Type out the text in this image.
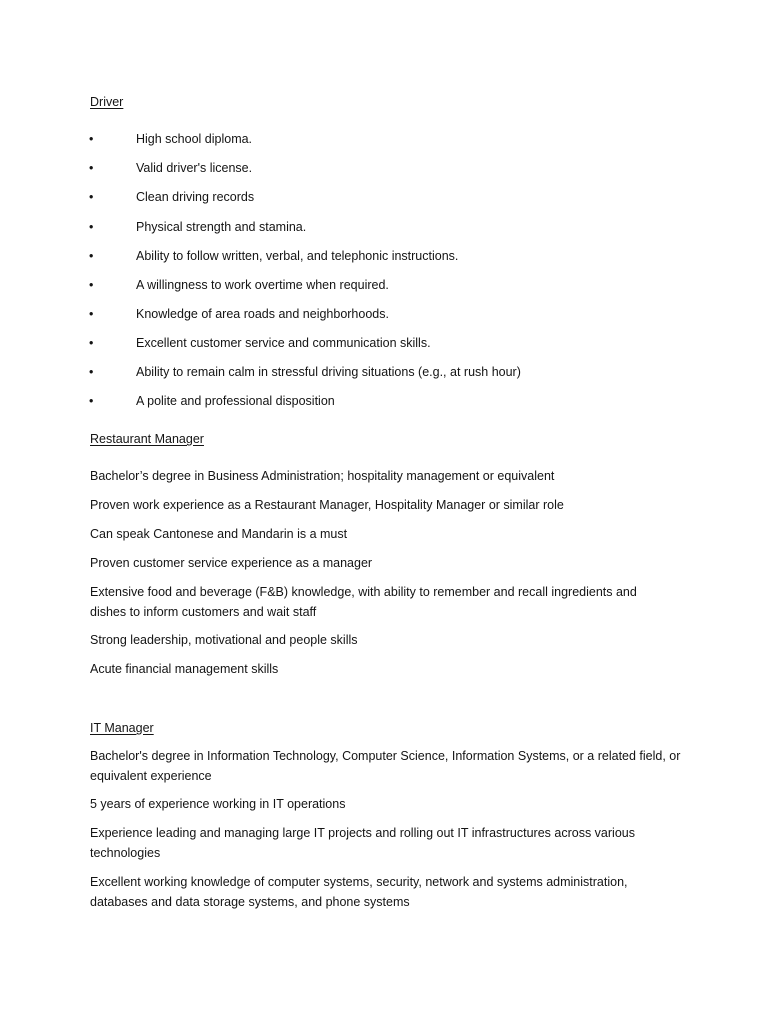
Driver
•	High school diploma.
•	Valid driver's license.
•	Clean driving records
•	Physical strength and stamina.
•	Ability to follow written, verbal, and telephonic instructions.
•	A willingness to work overtime when required.
•	Knowledge of area roads and neighborhoods.
•	Excellent customer service and communication skills.
•	Ability to remain calm in stressful driving situations (e.g., at rush hour)
•	A polite and professional disposition
Restaurant Manager
Bachelor’s degree in Business Administration; hospitality management or equivalent
Proven work experience as a Restaurant Manager, Hospitality Manager or similar role
Can speak Cantonese and Mandarin is a must
Proven customer service experience as a manager
Extensive food and beverage (F&B) knowledge, with ability to remember and recall ingredients and dishes to inform customers and wait staff
Strong leadership, motivational and people skills
Acute financial management skills
IT Manager
Bachelor's degree in Information Technology, Computer Science, Information Systems, or a related field, or equivalent experience
5 years of experience working in IT operations
Experience leading and managing large IT projects and rolling out IT infrastructures across various technologies
Excellent working knowledge of computer systems, security, network and systems administration, databases and data storage systems, and phone systems
